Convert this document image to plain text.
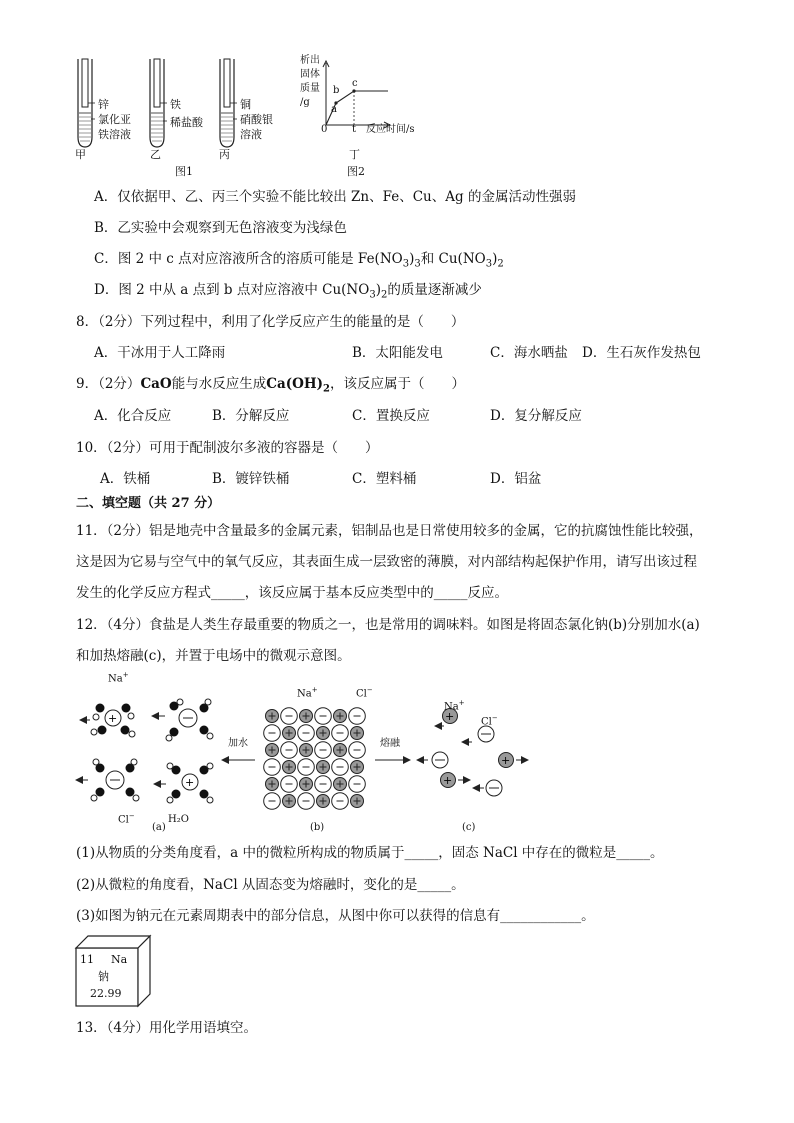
锌
氯化亚
铁溶液
铁
稀盐酸
铜
硝酸银
溶液
甲	乙	丙
图1
析出
固体
质量
/g
0
a
b
c
t 反应时间/s
丁
图2
A．仅依据甲、乙、丙三个实验不能比较出 Zn、Fe、Cu、Ag 的金属活动性强弱
B．乙实验中会观察到无色溶液变为浅绿色
C．图 2 中 c 点对应溶液所含的溶质可能是 $Fe(NO_3)_3$和 $Cu(NO_3)_2$
D．图 2 中从 a 点到 b 点对应溶液中 $Cu(NO_3)_2$的质量逐渐减少
8．（2分）下列过程中，利用了化学反应产生的能量的是（　　）
A．干冰用于人工降雨	B．太阳能发电	C．海水晒盐 D．生石灰作发热包
9．（2分）CaO能与水反应生成$Ca(OH)_2$，该反应属于（　　）
A．化合反应	B．分解反应	C．置换反应	D．复分解反应
10．（2分）可用于配制波尔多液的容器是（　　）
A．铁桶	B．镀锌铁桶	C．塑料桶	D．铝盆
二、填空题（共 27 分）
11．（2分）铝是地壳中含量最多的金属元素，铝制品也是日常使用较多的金属，它的抗腐蚀性能比较强，
这是因为它易与空气中的氧气反应，其表面生成一层致密的薄膜，对内部结构起保护作用，请写出该过程
发生的化学反应方程式_____，该反应属于基本反应类型中的_____反应。
12．（4分）食盐是人类生存最重要的物质之一，也是常用的调味料。如图是将固态氯化钠(b)分别加水(a)
和加热熔融(c)，并置于电场中的微观示意图。
+
+
+
+
+
Na+
Cl−	H₂O
(a)
加水
Na+	Cl−
(b)
熔融
Na+
Cl−
(c)
(1)从物质的分类角度看，a 中的微粒所构成的物质属于_____，固态 NaCl 中存在的微粒是_____。
(2)从微粒的角度看，NaCl 从固态变为熔融时，变化的是_____。
(3)如图为钠元在元素周期表中的部分信息，从图中你可以获得的信息有____________。
11 Na
钠
22.99
13．（4分）用化学用语填空。
